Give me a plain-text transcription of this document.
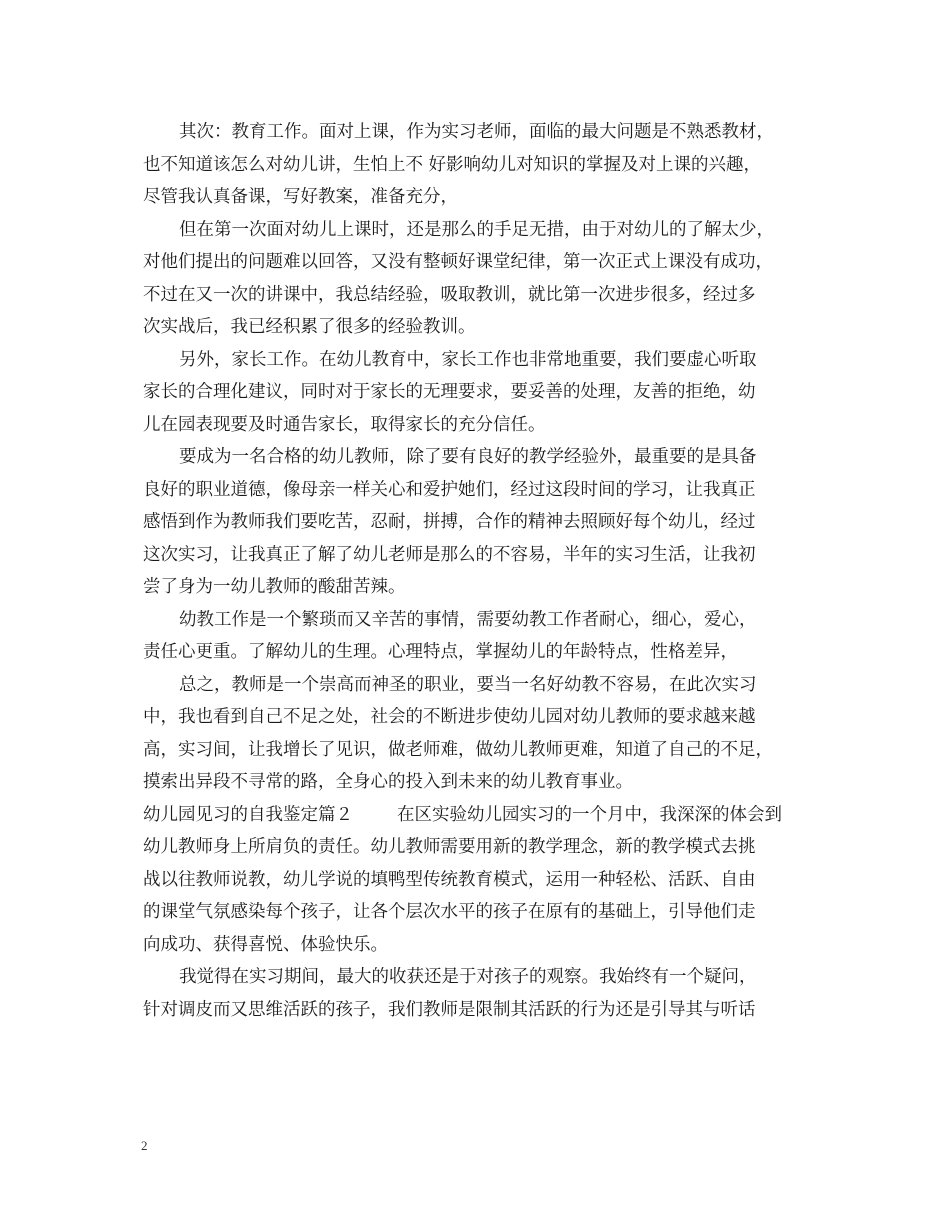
其次：教育工作。面对上课，作为实习老师，面临的最大问题是不熟悉教材，
也不知道该怎么对幼儿讲，生怕上不 好影响幼儿对知识的掌握及对上课的兴趣，
尽管我认真备课，写好教案，准备充分，
但在第一次面对幼儿上课时，还是那么的手足无措，由于对幼儿的了解太少，
对他们提出的问题难以回答，又没有整顿好课堂纪律，第一次正式上课没有成功，
不过在又一次的讲课中，我总结经验，吸取教训，就比第一次进步很多，经过多
次实战后，我已经积累了很多的经验教训。
另外，家长工作。在幼儿教育中，家长工作也非常地重要，我们要虚心听取
家长的合理化建议，同时对于家长的无理要求，要妥善的处理，友善的拒绝，幼
儿在园表现要及时通告家长，取得家长的充分信任。
要成为一名合格的幼儿教师，除了要有良好的教学经验外，最重要的是具备
良好的职业道德，像母亲一样关心和爱护她们，经过这段时间的学习，让我真正
感悟到作为教师我们要吃苦，忍耐，拼搏，合作的精神去照顾好每个幼儿，经过
这次实习，让我真正了解了幼儿老师是那么的不容易，半年的实习生活，让我初
尝了身为一幼儿教师的酸甜苦辣。
幼教工作是一个繁琐而又辛苦的事情，需要幼教工作者耐心，细心，爱心，
责任心更重。了解幼儿的生理。心理特点，掌握幼儿的年龄特点，性格差异，
总之，教师是一个崇高而神圣的职业，要当一名好幼教不容易，在此次实习
中，我也看到自己不足之处，社会的不断进步使幼儿园对幼儿教师的要求越来越
高，实习间，让我增长了见识，做老师难，做幼儿教师更难，知道了自己的不足，
摸索出异段不寻常的路，全身心的投入到未来的幼儿教育事业。
幼儿园见习的自我鉴定篇２	在区实验幼儿园实习的一个月中，我深深的体会到
幼儿教师身上所肩负的责任。幼儿教师需要用新的教学理念，新的教学模式去挑
战以往教师说教，幼儿学说的填鸭型传统教育模式，运用一种轻松、活跃、自由
的课堂气氛感染每个孩子，让各个层次水平的孩子在原有的基础上，引导他们走
向成功、获得喜悦、体验快乐。
我觉得在实习期间，最大的收获还是于对孩子的观察。我始终有一个疑问，
针对调皮而又思维活跃的孩子，我们教师是限制其活跃的行为还是引导其与听话
2
